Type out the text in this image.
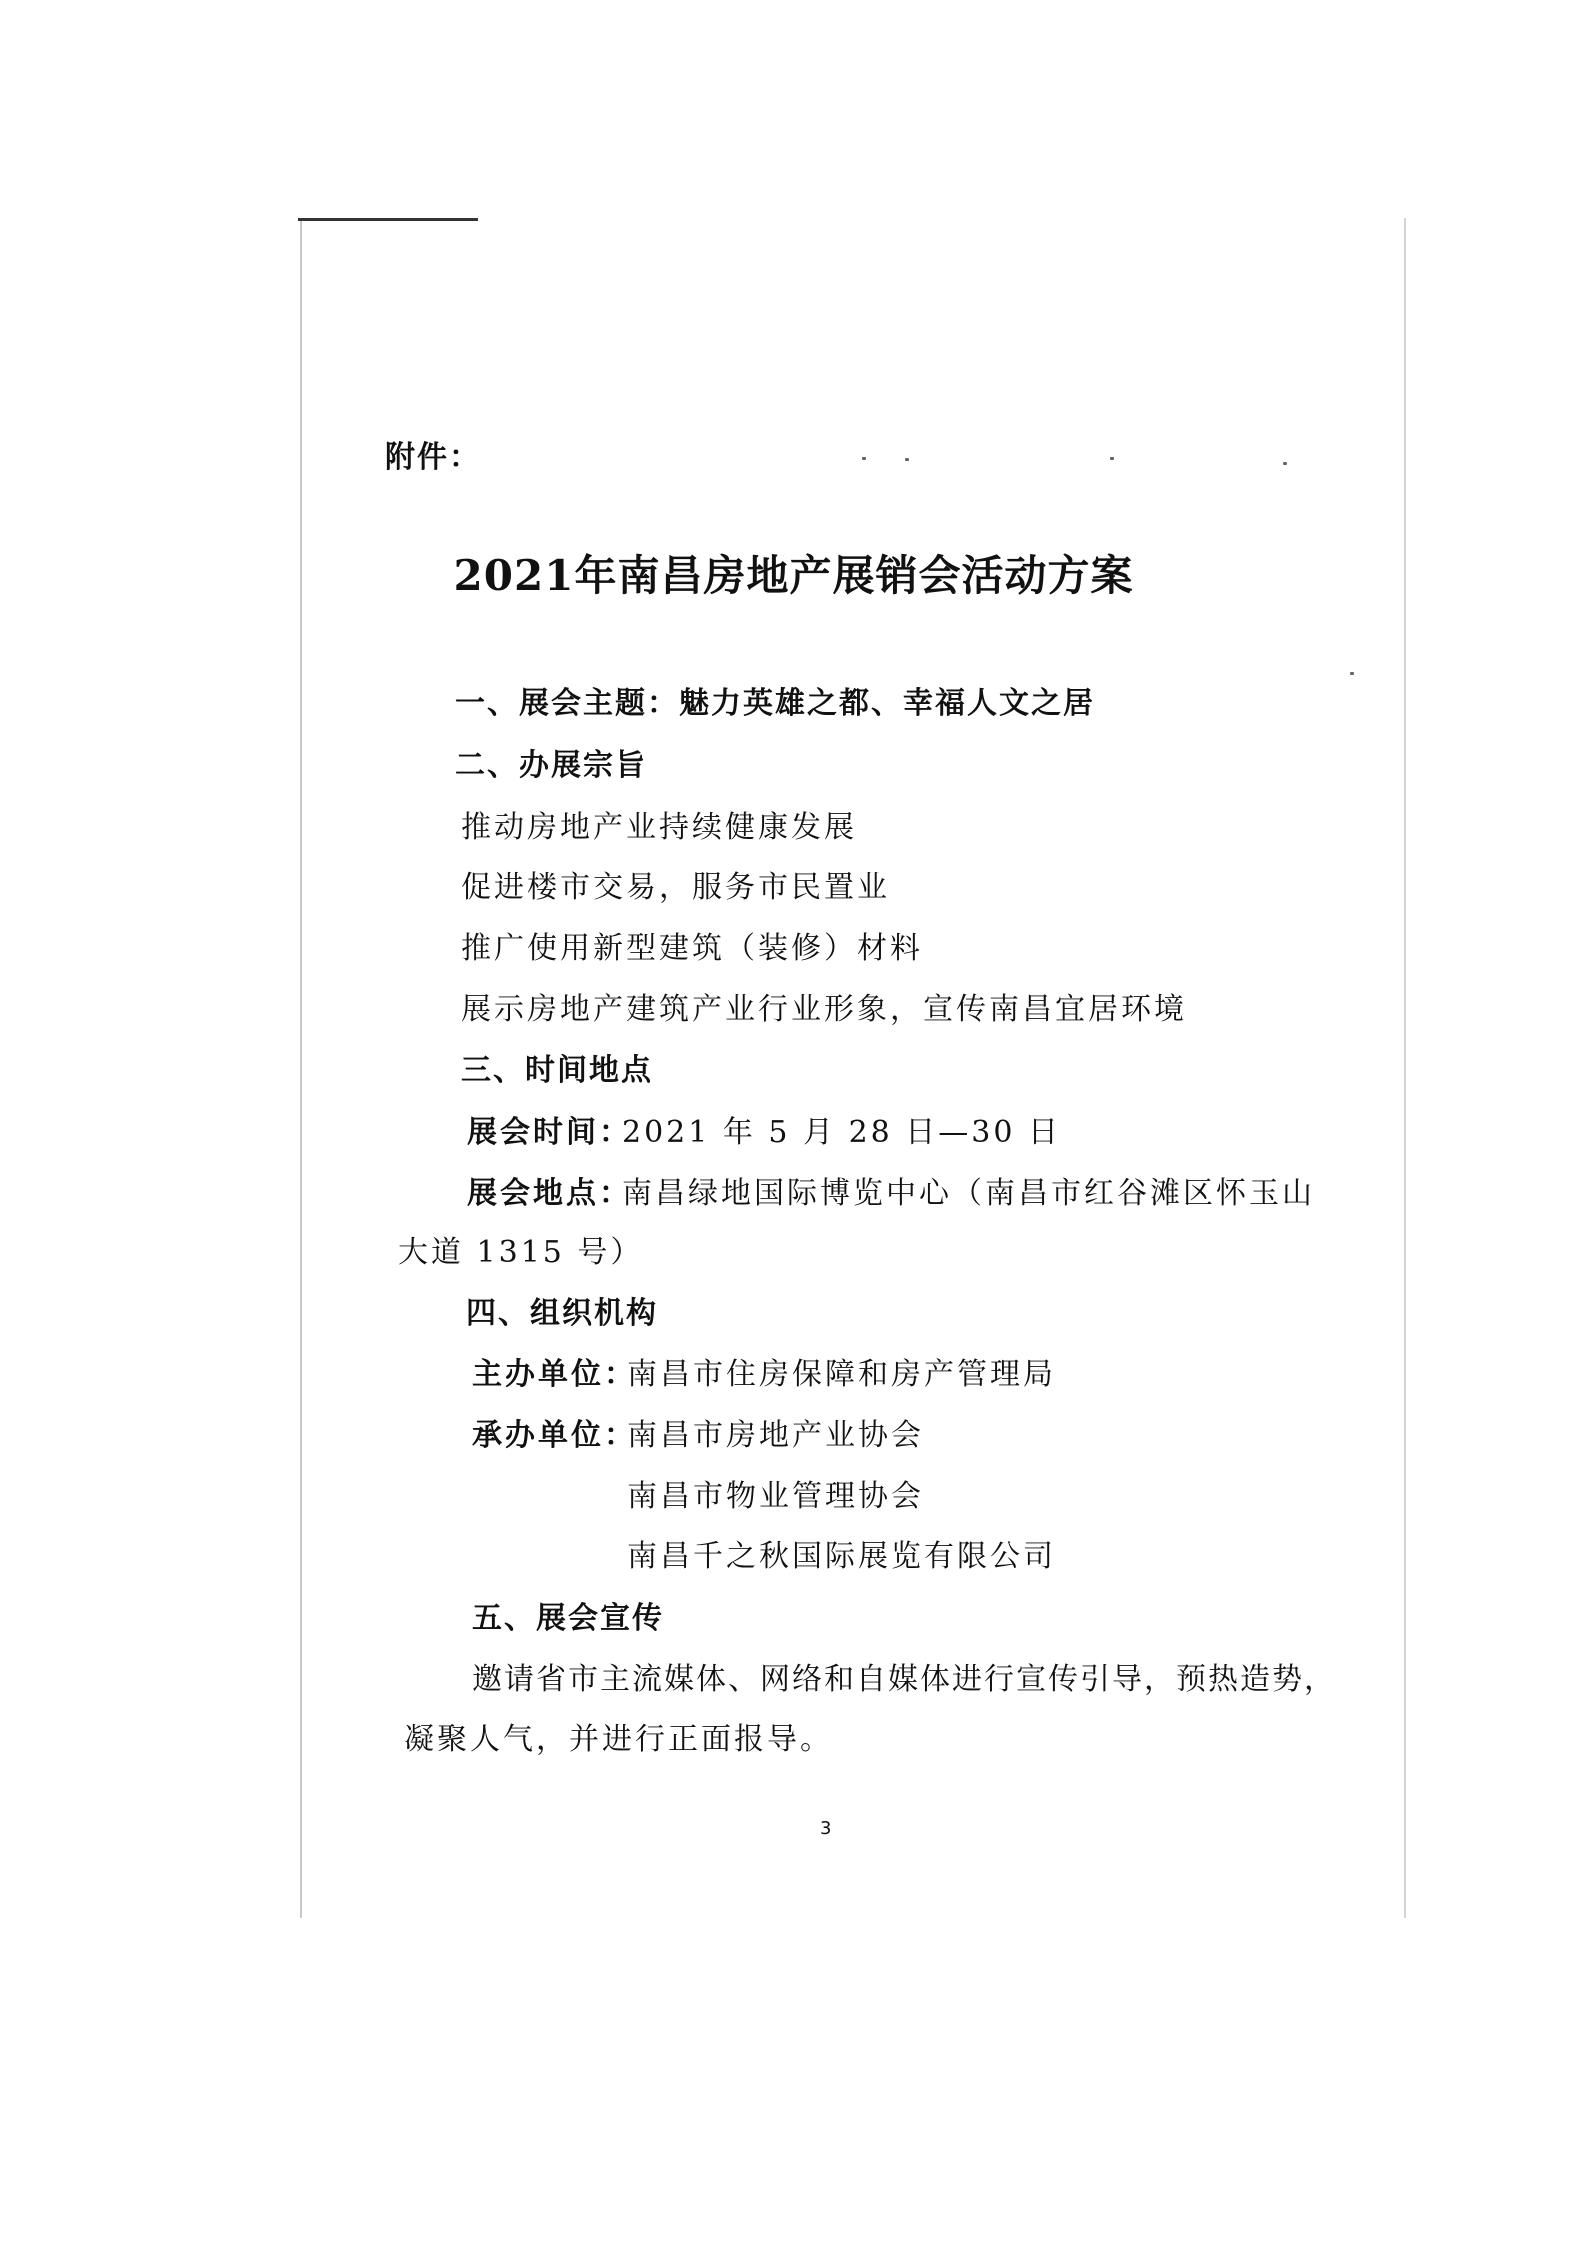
附件：
2021年南昌房地产展销会活动方案
一、展会主题：魅力英雄之都、幸福人文之居
二、办展宗旨
推动房地产业持续健康发展
促进楼市交易，服务市民置业
推广使用新型建筑（装修）材料
展示房地产建筑产业行业形象，宣传南昌宜居环境
三、时间地点
展会时间：
2021 年 5 月 28 日—30 日
展会地点：
南昌绿地国际博览中心（南昌市红谷滩区怀玉山
大道 1315 号）
四、组织机构
主办单位：
南昌市住房保障和房产管理局
承办单位：
南昌市房地产业协会
南昌市物业管理协会
南昌千之秋国际展览有限公司
五、展会宣传
邀请省市主流媒体、网络和自媒体进行宣传引导，预热造势，
凝聚人气，并进行正面报导。
3
